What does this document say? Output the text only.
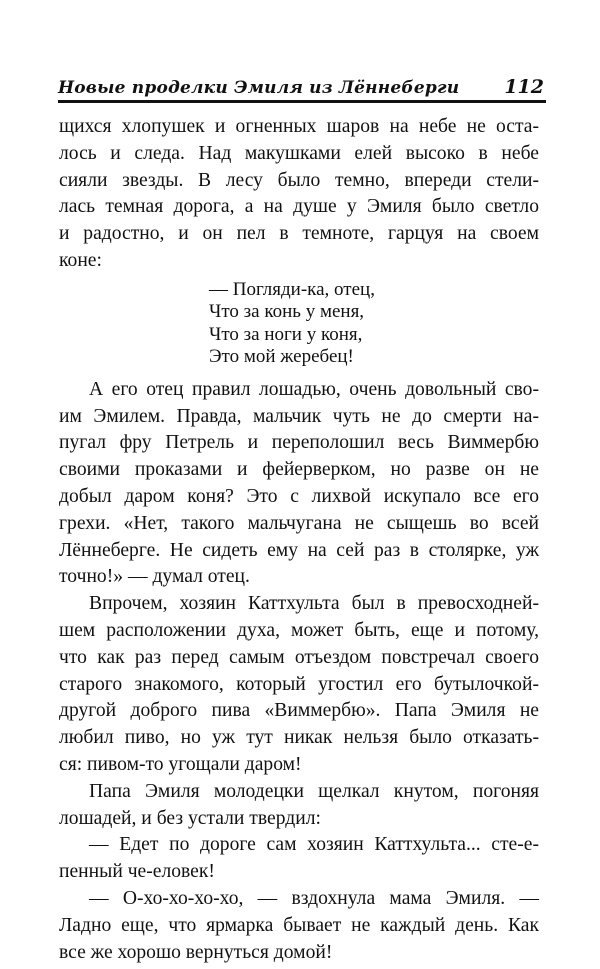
Новые проделки Эмиля из Лённеберги 112
щихся хлопушек и огненных шаров на небе не оста-
лось и следа. Над макушками елей высоко в небе
сияли звезды. В лесу было темно, впереди стели-
лась темная дорога, а на душе у Эмиля было светло
и радостно, и он пел в темноте, гарцуя на своем
коне:
— Погляди-ка, отец,
Что за конь у меня,
Что за ноги у коня,
Это мой жеребец!
А его отец правил лошадью, очень довольный сво-
им Эмилем. Правда, мальчик чуть не до смерти на-
пугал фру Петрель и переполошил весь Виммербю
своими проказами и фейерверком, но разве он не
добыл даром коня? Это с лихвой искупало все его
грехи. «Нет, такого мальчугана не сыщешь во всей
Лённеберге. Не сидеть ему на сей раз в столярке, уж
точно!» — думал отец.
Впрочем, хозяин Каттхульта был в превосходней-
шем расположении духа, может быть, еще и потому,
что как раз перед самым отъездом повстречал своего
старого знакомого, который угостил его бутылочкой-
другой доброго пива «Виммербю». Папа Эмиля не
любил пиво, но уж тут никак нельзя было отказать-
ся: пивом-то угощали даром!
Папа Эмиля молодецки щелкал кнутом, погоняя
лошадей, и без устали твердил:
— Едет по дороге сам хозяин Каттхульта... сте-е-
пенный че-еловек!
— О-хо-хо-хо-хо, — вздохнула мама Эмиля. —
Ладно еще, что ярмарка бывает не каждый день. Как
все же хорошо вернуться домой!
